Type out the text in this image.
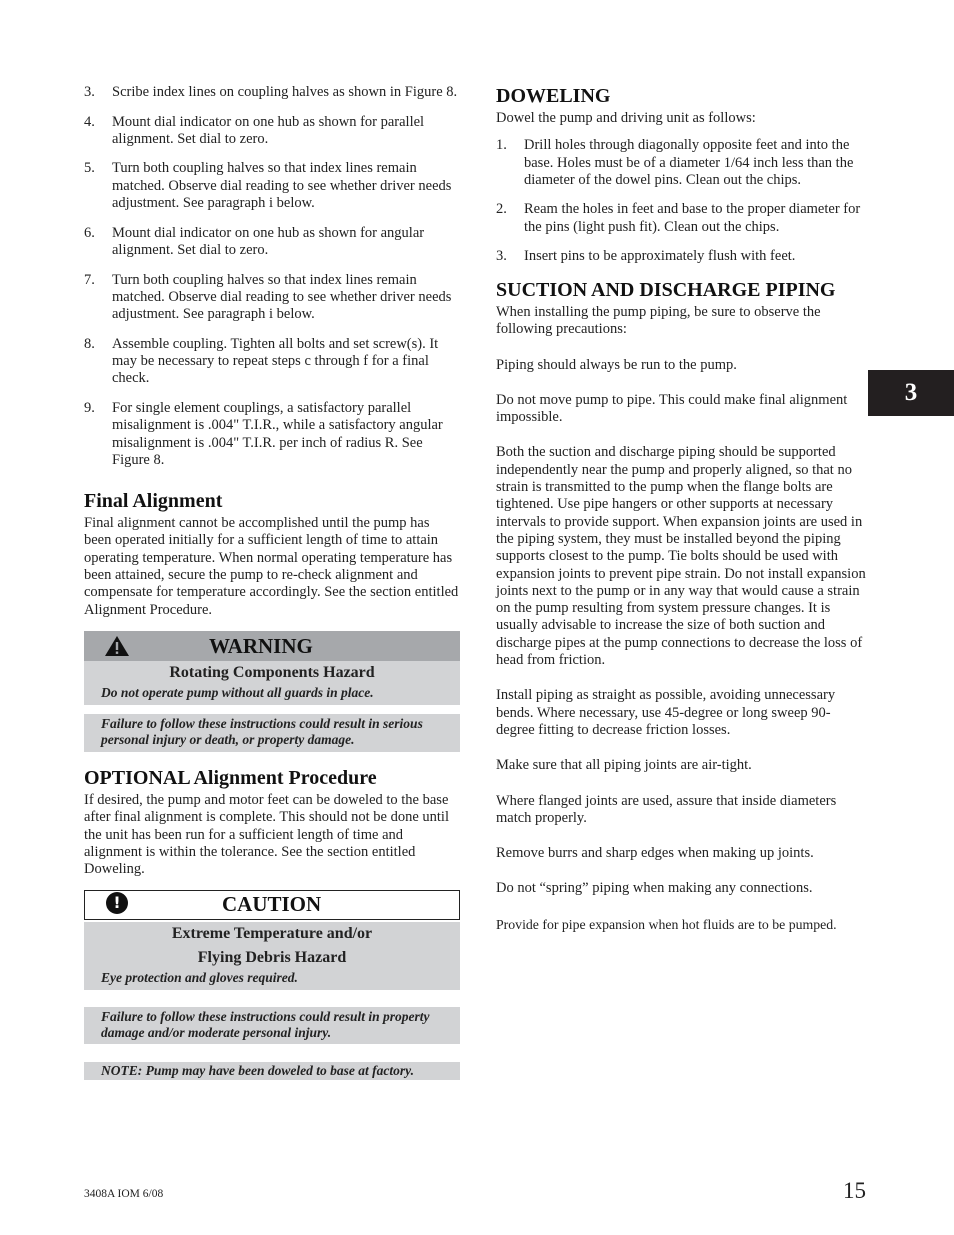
3. Scribe index lines on coupling halves as shown in Figure 8.
4. Mount dial indicator on one hub as shown for parallel alignment. Set dial to zero.
5. Turn both coupling halves so that index lines remain matched. Observe dial reading to see whether driver needs adjustment. See paragraph i below.
6. Mount dial indicator on one hub as shown for angular alignment. Set dial to zero.
7. Turn both coupling halves so that index lines remain matched. Observe dial reading to see whether driver needs adjustment. See paragraph i below.
8. Assemble coupling. Tighten all bolts and set screw(s). It may be necessary to repeat steps c through f for a final check.
9. For single element couplings, a satisfactory parallel misalignment is .004" T.I.R., while a satisfactory angular misalignment is .004" T.I.R. per inch of radius R. See Figure 8.
Final Alignment

Final alignment cannot be accomplished until the pump has been operated initially for a sufficient length of time to attain operating temperature. When normal operating temperature has been attained, secure the pump to re-check alignment and compensate for temperature accordingly. See the section entitled Alignment Procedure.

WARNING
Rotating Components Hazard
Do not operate pump without all guards in place.
Failure to follow these instructions could result in serious personal injury or death, or property damage.
OPTIONAL Alignment Procedure

If desired, the pump and motor feet can be doweled to the base after final alignment is complete. This should not be done until the unit has been run for a sufficient length of time and alignment is within the tolerance. See the section entitled Doweling.

!	CAUTION
Extreme Temperature and/or
Flying Debris Hazard
Eye protection and gloves required.
Failure to follow these instructions could result in property damage and/or moderate personal injury.
NOTE: Pump may have been doweled to base at factory.
DOWELING

Dowel the pump and driving unit as follows:

1. Drill holes through diagonally opposite feet and into the base. Holes must be of a diameter 1/64 inch less than the diameter of the dowel pins. Clean out the chips.
2. Ream the holes in feet and base to the proper diameter for the pins (light push fit). Clean out the chips.
3. Insert pins to be approximately flush with feet.
SUCTION AND DISCHARGE PIPING

When installing the pump piping, be sure to observe the following precautions:

Piping should always be run to the pump.

Do not move pump to pipe. This could make final alignment impossible.

Both the suction and discharge piping should be supported independently near the pump and properly aligned, so that no strain is transmitted to the pump when the flange bolts are tightened. Use pipe hangers or other supports at necessary intervals to provide support. When expansion joints are used in the piping system, they must be installed beyond the piping supports closest to the pump. Tie bolts should be used with expansion joints to prevent pipe strain. Do not install expansion joints next to the pump or in any way that would cause a strain on the pump resulting from system pressure changes. It is usually advisable to increase the size of both suction and discharge pipes at the pump connections to decrease the loss of head from friction.

Install piping as straight as possible, avoiding unnecessary bends. Where necessary, use 45-degree or long sweep 90-degree fitting to decrease friction losses.

Make sure that all piping joints are air-tight.

Where flanged joints are used, assure that inside diameters match properly.

Remove burrs and sharp edges when making up joints.

Do not “spring” piping when making any connections.

Provide for pipe expansion when hot fluids are to be pumped.

3
3408A IOM 6/08	15
